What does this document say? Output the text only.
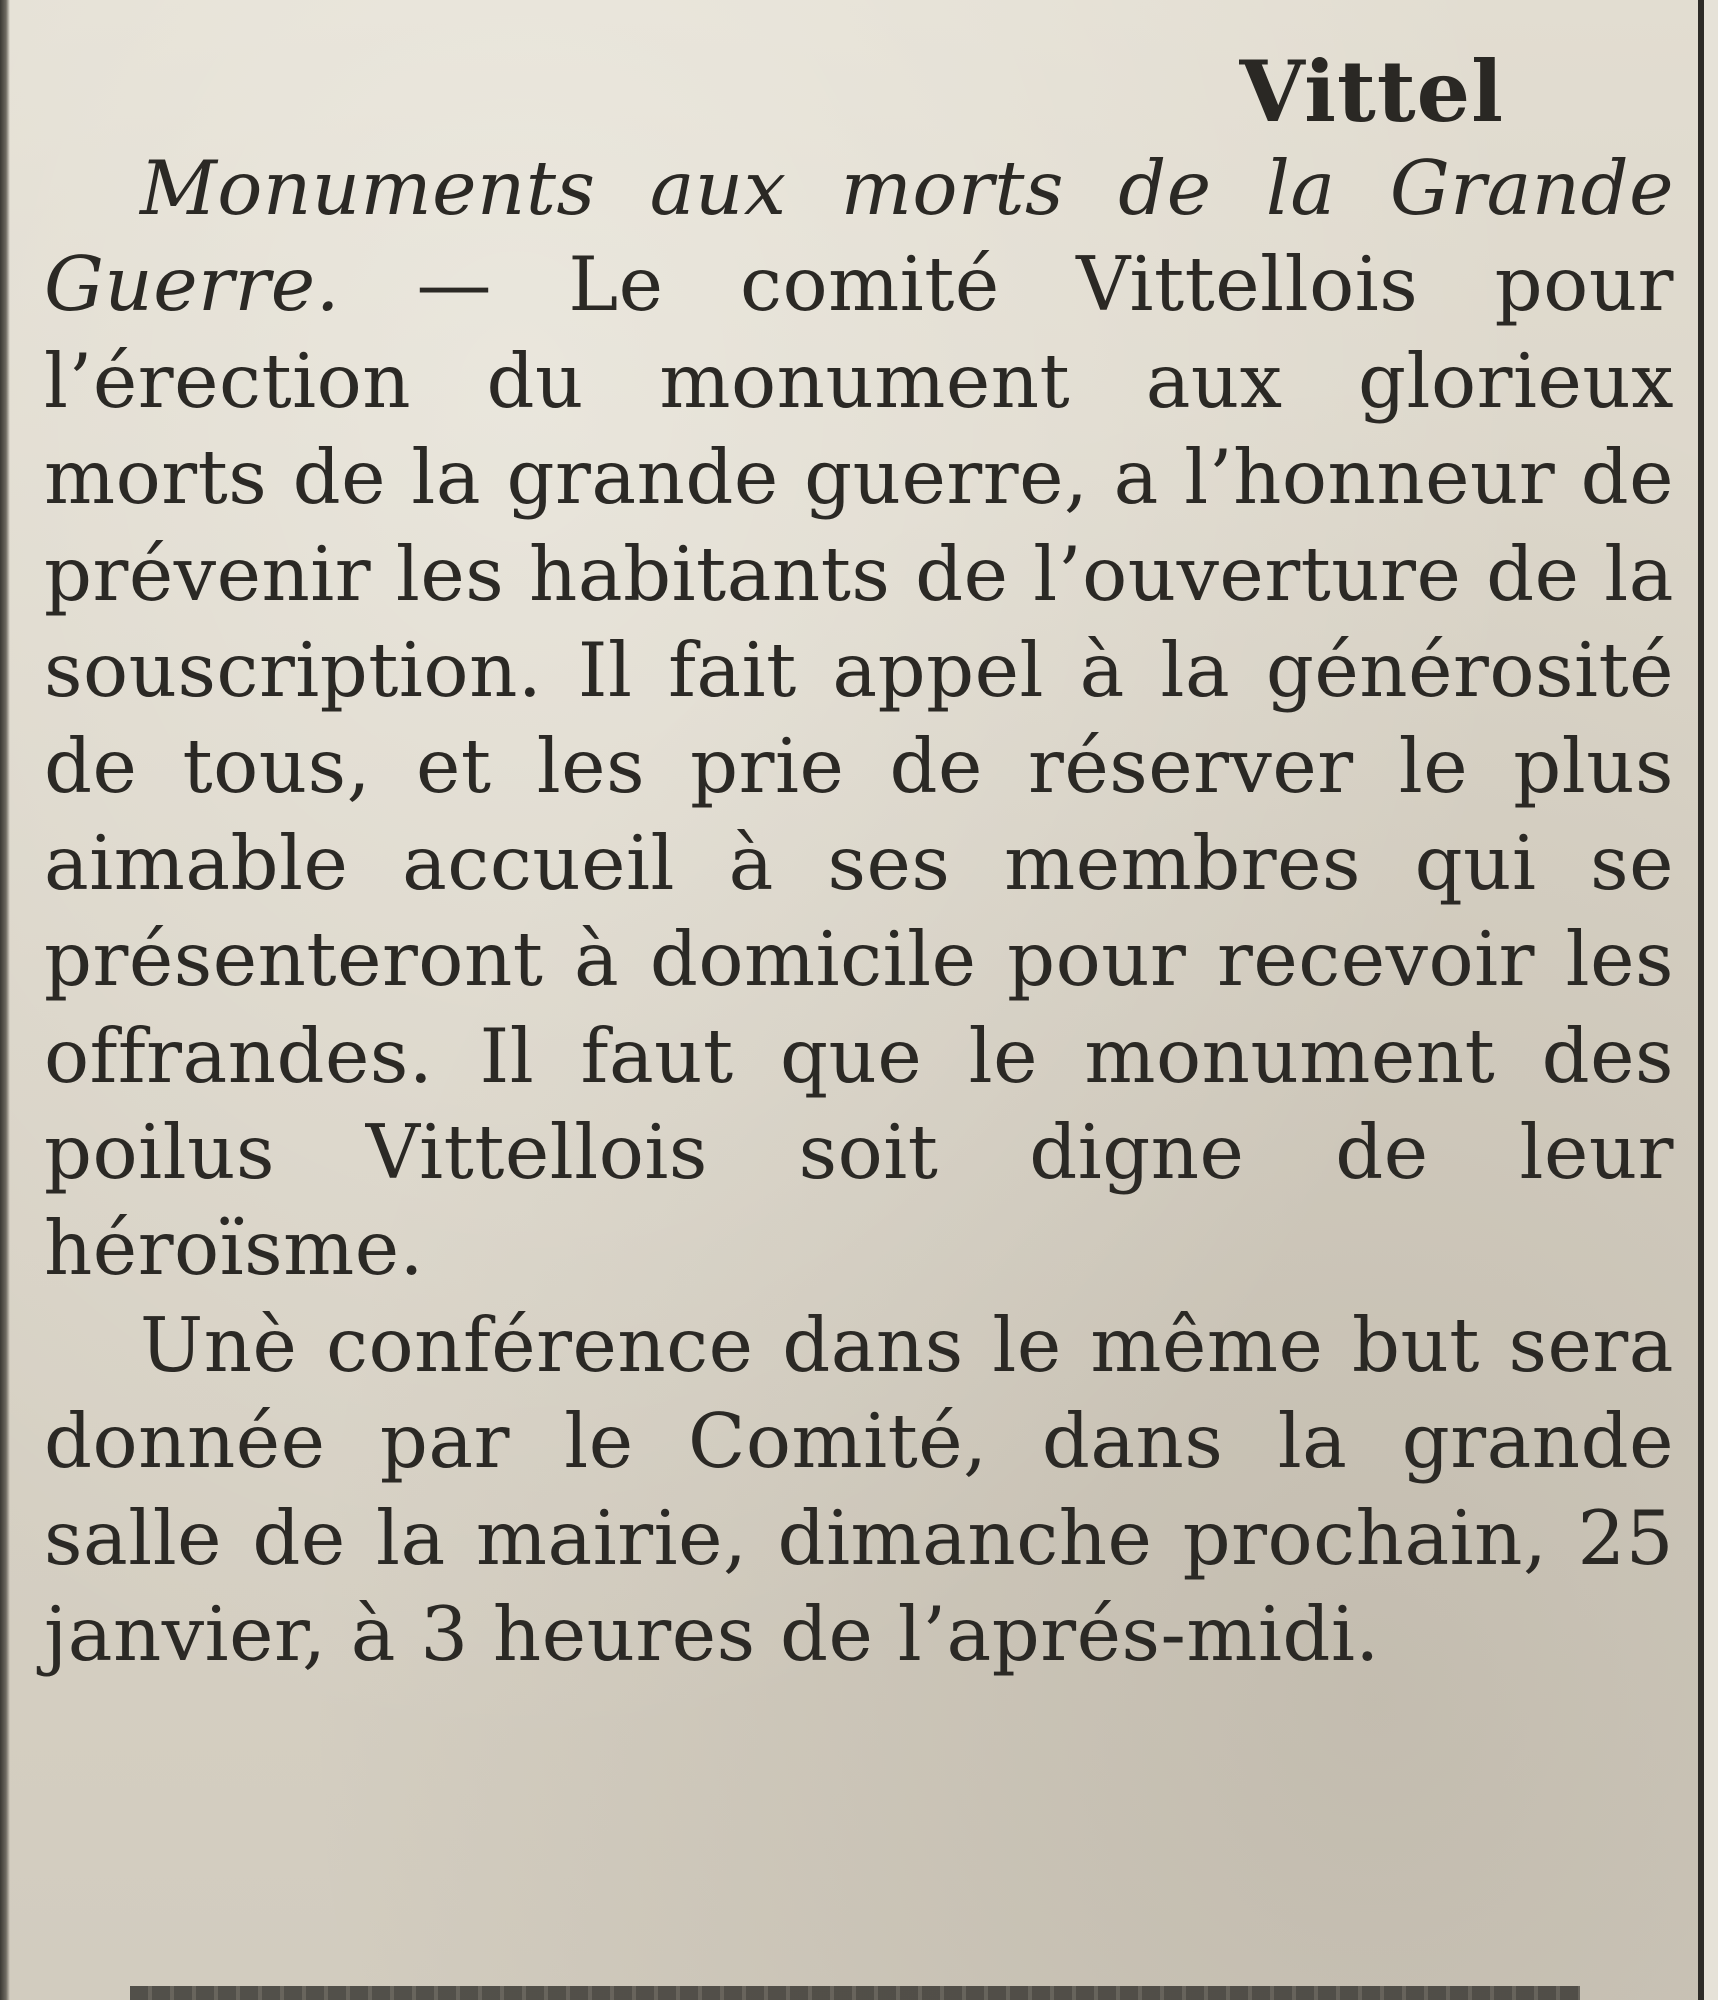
Vittel

Monuments aux morts de la Grande Guerre. — Le comité Vittellois pour l’érection du monument aux glorieux morts de la grande guerre, a l’honneur de prévenir les habitants de l’ouverture de la souscription. Il fait appel à la générosité de tous, et les prie de réserver le plus aimable accueil à ses membres qui se présenteront à domicile pour recevoir les offrandes. Il faut que le monument des poilus Vittellois soit digne de leur héroïsme.

Unè conférence dans le même but sera donnée par le Comité, dans la grande salle de la mairie, dimanche prochain, 25 janvier, à 3 heures de l’aprés-midi.
